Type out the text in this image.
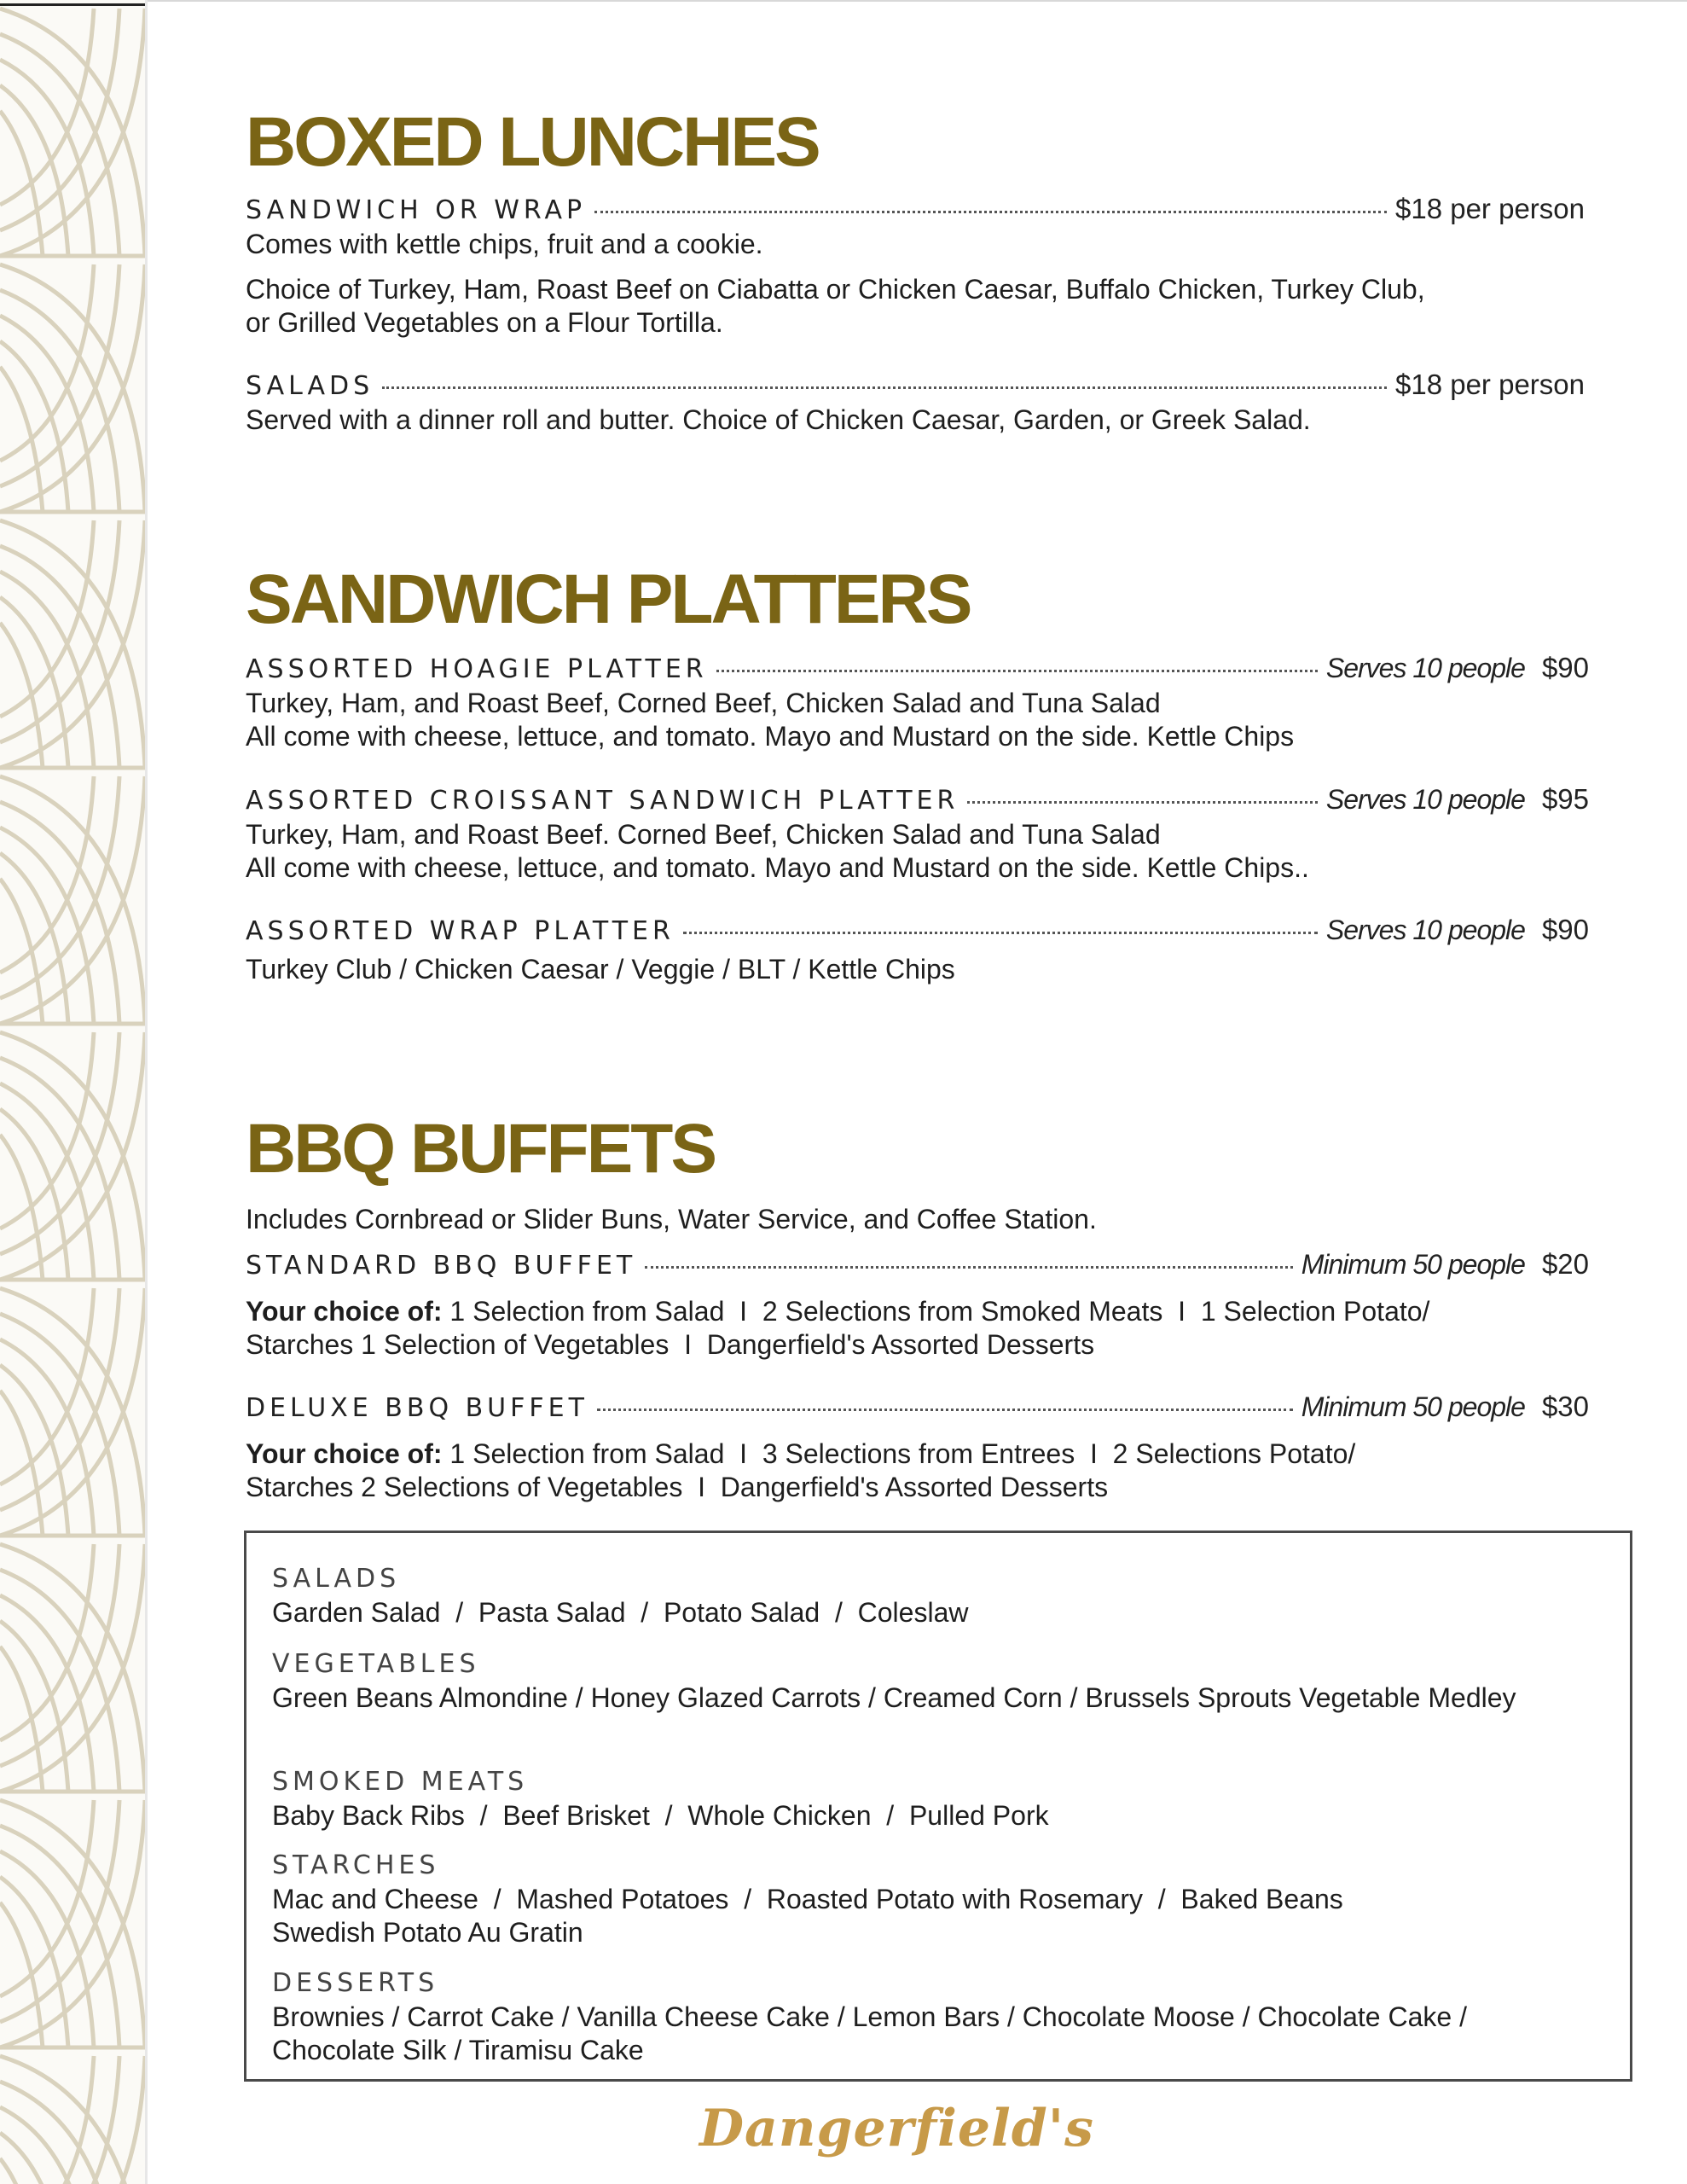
BOXED LUNCHES
SANDWICH OR WRAP	$18 per person

Comes with kettle chips, fruit and a cookie.

Choice of Turkey, Ham, Roast Beef on Ciabatta or Chicken Caesar, Buffalo Chicken, Turkey Club,

or Grilled Vegetables on a Flour Tortilla.

SALADS	$18 per person

Served with a dinner roll and butter. Choice of Chicken Caesar, Garden, or Greek Salad.

SANDWICH PLATTERS
ASSORTED HOAGIE PLATTER	Serves 10 people $90

Turkey, Ham, and Roast Beef, Corned Beef, Chicken Salad and Tuna Salad

All come with cheese, lettuce, and tomato. Mayo and Mustard on the side. Kettle Chips

ASSORTED CROISSANT SANDWICH PLATTER	Serves 10 people $95

Turkey, Ham, and Roast Beef. Corned Beef, Chicken Salad and Tuna Salad

All come with cheese, lettuce, and tomato. Mayo and Mustard on the side. Kettle Chips..

ASSORTED WRAP PLATTER	Serves 10 people $90

Turkey Club / Chicken Caesar / Veggie / BLT / Kettle Chips

BBQ BUFFETS

Includes Cornbread or Slider Buns, Water Service, and Coffee Station.

STANDARD BBQ BUFFET	Minimum 50 people $20

Your choice of: 1 Selection from Salad  I  2 Selections from Smoked Meats  I  1 Selection Potato/

Starches 1 Selection of Vegetables  I  Dangerfield's Assorted Desserts

DELUXE BBQ BUFFET	Minimum 50 people $30

Your choice of: 1 Selection from Salad  I  3 Selections from Entrees  I  2 Selections Potato/

Starches 2 Selections of Vegetables  I  Dangerfield's Assorted Desserts

SALADS

Garden Salad  /  Pasta Salad  /  Potato Salad  /  Coleslaw

VEGETABLES

Green Beans Almondine / Honey Glazed Carrots / Creamed Corn / Brussels Sprouts Vegetable Medley

SMOKED MEATS

Baby Back Ribs  /  Beef Brisket  /  Whole Chicken  /  Pulled Pork

STARCHES

Mac and Cheese  /  Mashed Potatoes  /  Roasted Potato with Rosemary  /  Baked Beans

Swedish Potato Au Gratin

DESSERTS

Brownies / Carrot Cake / Vanilla Cheese Cake / Lemon Bars / Chocolate Moose / Chocolate Cake / Chocolate Silk / Tiramisu Cake

Dangerfield's
